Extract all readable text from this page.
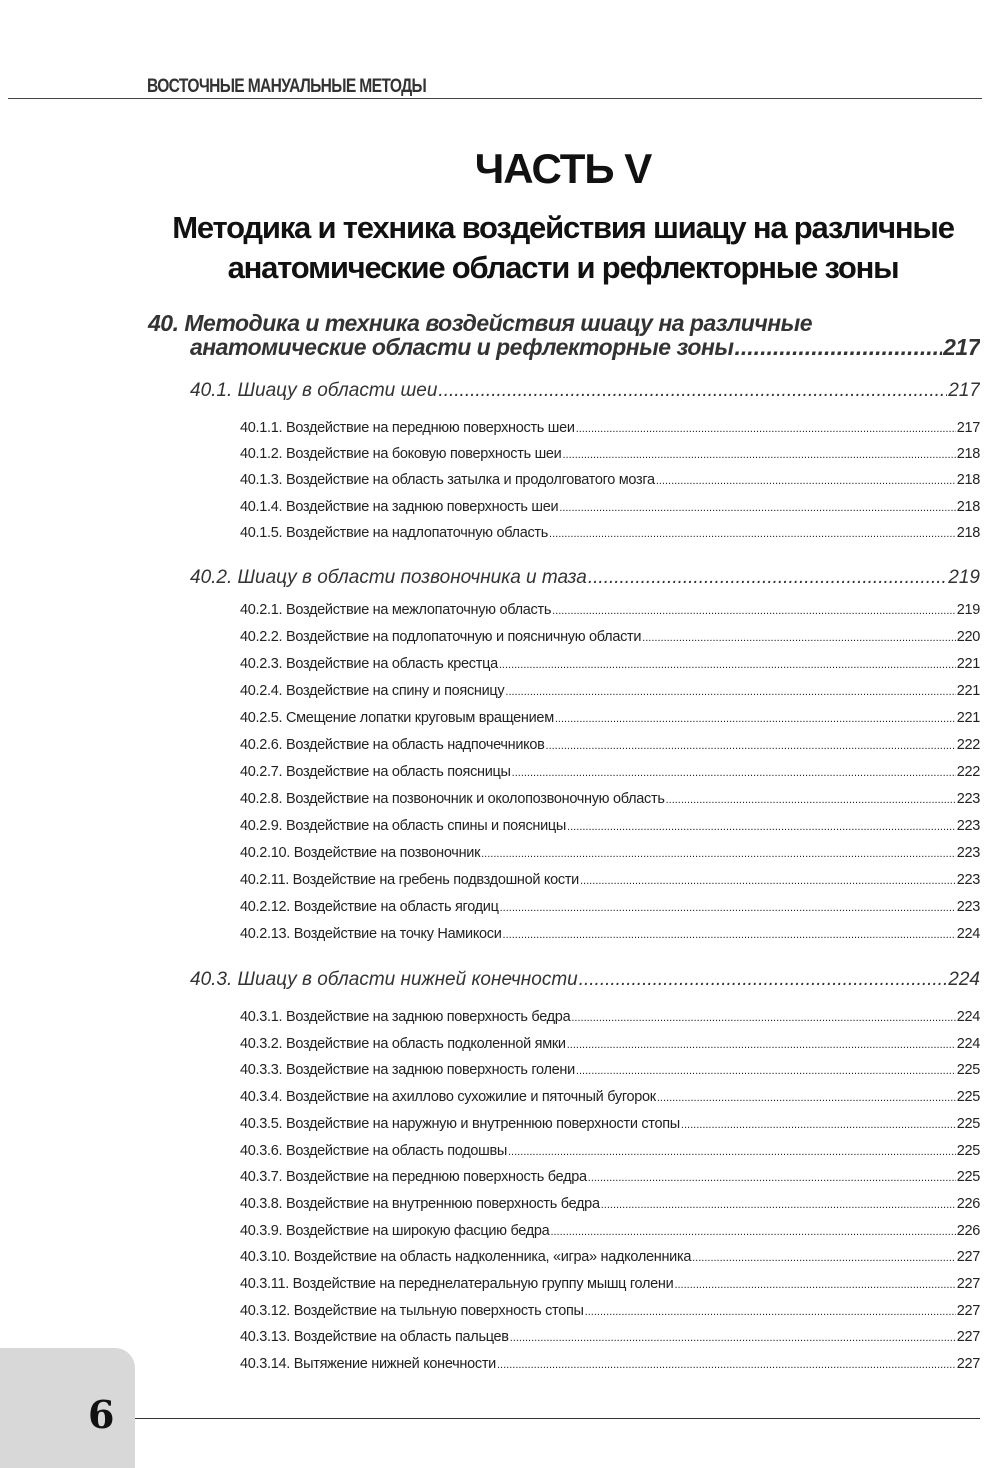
ВОСТОЧНЫЕ МАНУАЛЬНЫЕ МЕТОДЫ
ЧАСТЬ V
Методика и техника воздействия шиацу на различные
анатомические области и рефлекторные зоны
40. Методика и техника воздействия шиацу на различные
анатомические области и рефлекторные зоны .....	217
40.1. Шиацу в области шеи .....	217
40.1.1. Воздействие на переднюю поверхность шеи .....	217
40.1.2. Воздействие на боковую поверхность шеи .....	218
40.1.3. Воздействие на область затылка и продолговатого мозга .....	218
40.1.4. Воздействие на заднюю поверхность шеи .....	218
40.1.5. Воздействие на надлопаточную область .....	218
40.2. Шиацу в области позвоночника и таза .....	219
40.2.1. Воздействие на межлопаточную область .....	219
40.2.2. Воздействие на подлопаточную и поясничную области .....	220
40.2.3. Воздействие на область крестца .....	221
40.2.4. Воздействие на спину и поясницу .....	221
40.2.5. Смещение лопатки круговым вращением .....	221
40.2.6. Воздействие на область надпочечников .....	222
40.2.7. Воздействие на область поясницы .....	222
40.2.8. Воздействие на позвоночник и околопозвоночную область .....	223
40.2.9. Воздействие на область спины и поясницы .....	223
40.2.10. Воздействие на позвоночник .....	223
40.2.11. Воздействие на гребень подвздошной кости .....	223
40.2.12. Воздействие на область ягодиц .....	223
40.2.13. Воздействие на точку Намикоси .....	224
40.3. Шиацу в области нижней конечности .....	224
40.3.1. Воздействие на заднюю поверхность бедра .....	224
40.3.2. Воздействие на область подколенной ямки .....	224
40.3.3. Воздействие на заднюю поверхность голени .....	225
40.3.4. Воздействие на ахиллово сухожилие и пяточный бугорок .....	225
40.3.5. Воздействие на наружную и внутреннюю поверхности стопы .....	225
40.3.6. Воздействие на область подошвы .....	225
40.3.7. Воздействие на переднюю поверхность бедра .....	225
40.3.8. Воздействие на внутреннюю поверхность бедра .....	226
40.3.9. Воздействие на широкую фасцию бедра .....	226
40.3.10. Воздействие на область надколенника, «игра» надколенника .....	227
40.3.11. Воздействие на переднелатеральную группу мышц голени .....	227
40.3.12. Воздействие на тыльную поверхность стопы .....	227
40.3.13. Воздействие на область пальцев .....	227
40.3.14. Вытяжение нижней конечности .....	227
6
